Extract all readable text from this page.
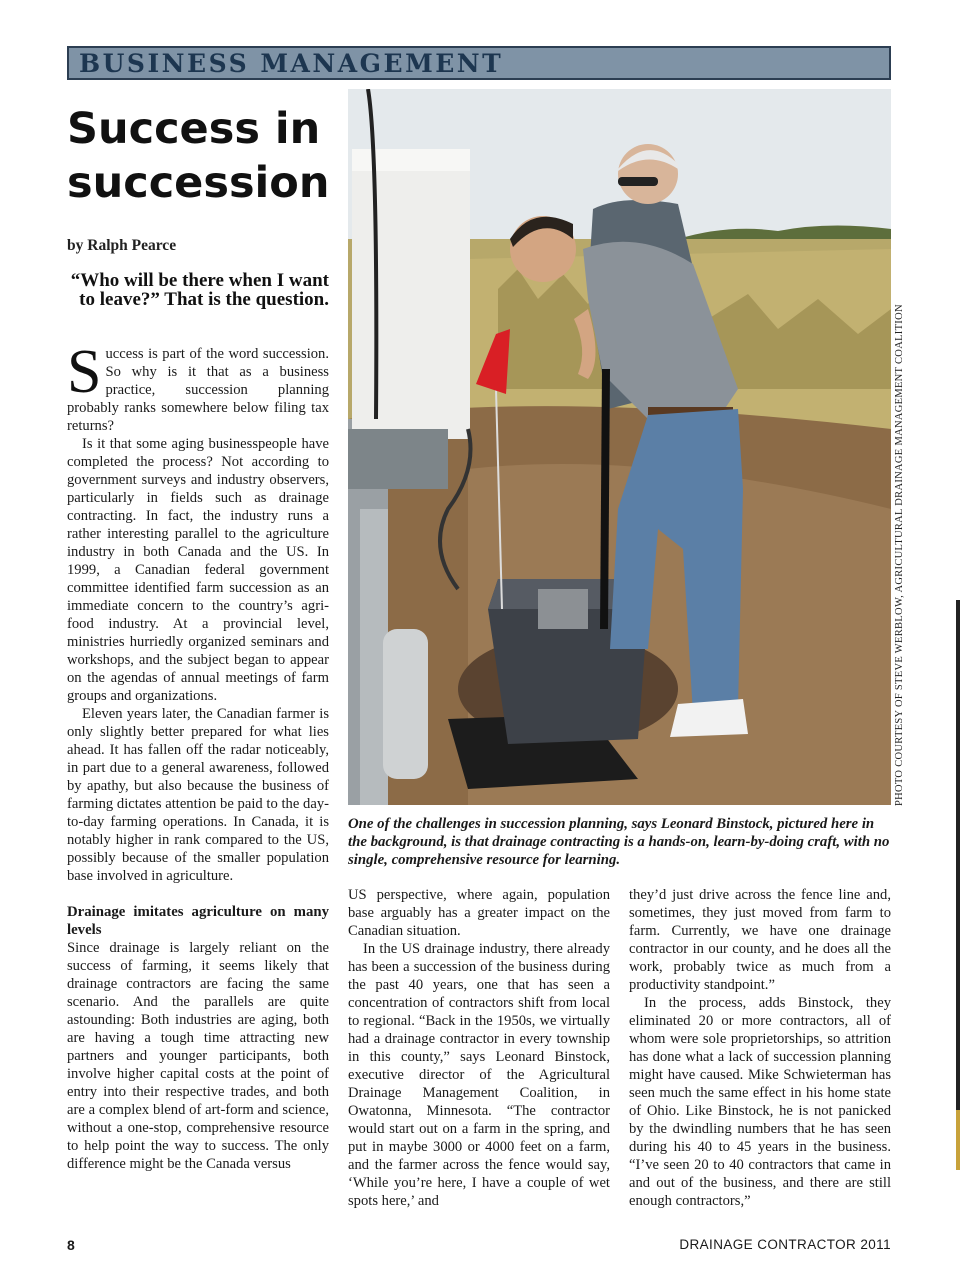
BUSINESS MANAGEMENT
Success in succession
by Ralph Pearce
“Who will be there when I want to leave?” That is the question.

Success is part of the word succession. So why is it that as a business practice, succession planning probably ranks somewhere below filing tax returns?

Is it that some aging businesspeople have completed the process? Not according to government surveys and industry observers, particularly in fields such as drainage contracting. In fact, the industry runs a rather interesting parallel to the agriculture industry in both Canada and the US. In 1999, a Canadian federal government committee identified farm succession as an immediate concern to the country’s agri-food industry. At a provincial level, ministries hurriedly organized seminars and workshops, and the subject began to appear on the agendas of annual meetings of farm groups and organizations.

Eleven years later, the Canadian farmer is only slightly better prepared for what lies ahead. It has fallen off the radar noticeably, in part due to a general awareness, followed by apathy, but also because the business of farming dictates attention be paid to the day-to-day farming operations. In Canada, it is notably higher in rank compared to the US, possibly because of the smaller population base involved in agriculture.

Drainage imitates agriculture on many levels

Since drainage is largely reliant on the success of farming, it seems likely that drainage contractors are facing the same scenario. And the parallels are quite astounding: Both industries are aging, both are having a tough time attracting new partners and younger participants, both involve higher capital costs at the point of entry into their respective trades, and both are a complex blend of art-form and science, without a one-stop, comprehensive resource to help point the way to success. The only difference might be the Canada versus

PHOTO COURTESY OF STEVE WERBLOW, AGRICULTURAL DRAINAGE MANAGEMENT COALITION
One of the challenges in succession planning, says Leonard Binstock, pictured here in the background, is that drainage contracting is a hands-on, learn-by-doing craft, with no single, comprehensive resource for learning.

US perspective, where again, population base arguably has a greater impact on the Canadian situation.

In the US drainage industry, there already has been a succession of the business during the past 40 years, one that has seen a concentration of contractors shift from local to regional. “Back in the 1950s, we virtually had a drainage contractor in every township in this county,” says Leonard Binstock, executive director of the Agricultural Drainage Management Coalition, in Owatonna, Minnesota. “The contractor would start out on a farm in the spring, and put in maybe 3000 or 4000 feet on a farm, and the farmer across the fence would say, ‘While you’re here, I have a couple of wet spots here,’ and

they’d just drive across the fence line and, sometimes, they just moved from farm to farm. Currently, we have one drainage contractor in our county, and he does all the work, probably twice as much from a productivity standpoint.”

In the process, adds Binstock, they eliminated 20 or more contractors, all of whom were sole proprietorships, so attrition has done what a lack of succession planning might have caused. Mike Schwieterman has seen much the same effect in his home state of Ohio. Like Binstock, he is not panicked by the dwindling numbers that he has seen during his 40 to 45 years in the business. “I’ve seen 20 to 40 contractors that came in and out of the business, and there are still enough contractors,”

8	DRAINAGE CONTRACTOR 2011
